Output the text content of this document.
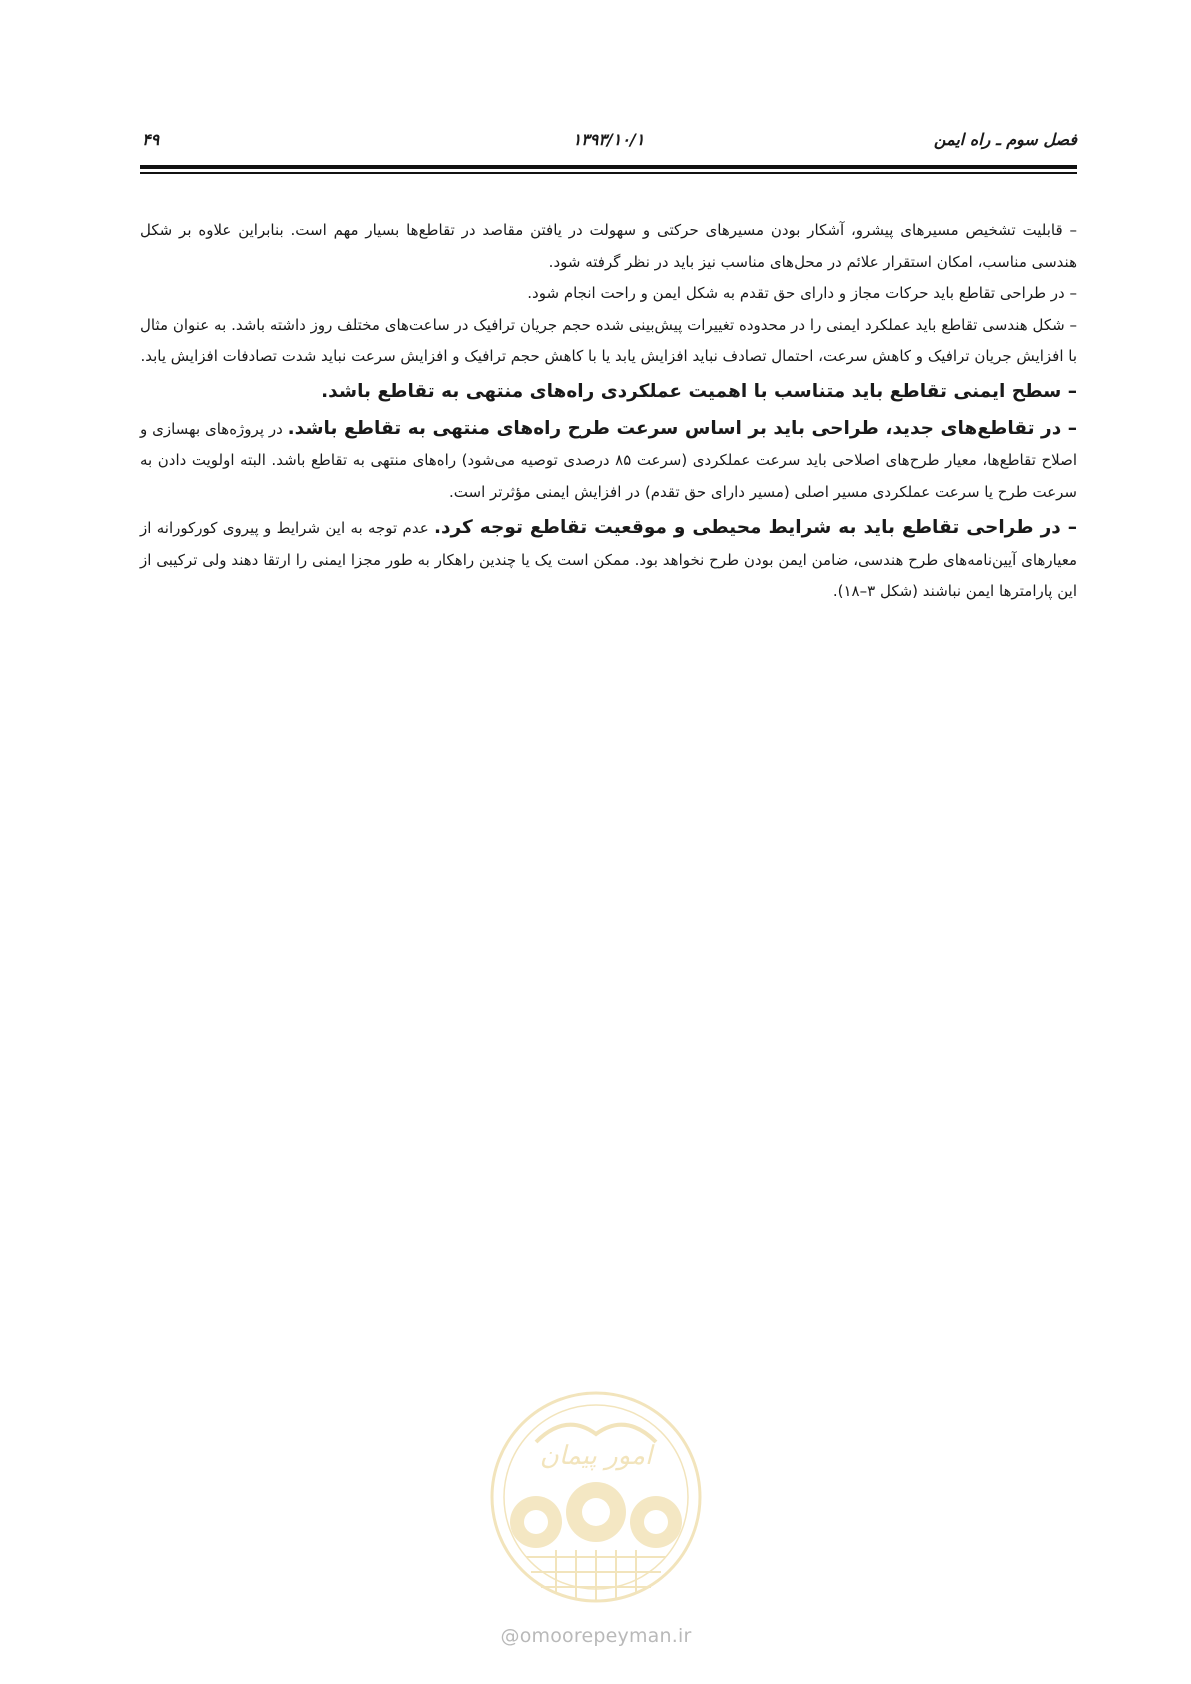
فصل سوم ـ راه ایمن
۱۳۹۳/۱۰/۱
۴۹

– قابلیت تشخیص مسیرهای پیشرو، آشکار بودن مسیرهای حرکتی و سهولت در یافتن مقاصد در تقاطع‌ها بسیار مهم است. بنابراین علاوه بر شکل هندسی مناسب، امکان استقرار علائم در محل‌های مناسب نیز باید در نظر گرفته شود.

– در طراحی تقاطع باید حرکات مجاز و دارای حق تقدم به شکل ایمن و راحت انجام شود.

– شکل هندسی تقاطع باید عملکرد ایمنی را در محدوده تغییرات پیش‌بینی شده حجم جریان ترافیک در ساعت‌های مختلف روز داشته باشد. به عنوان مثال با افزایش جریان ترافیک و کاهش سرعت، احتمال تصادف نباید افزایش یابد یا با کاهش حجم ترافیک و افزایش سرعت نباید شدت تصادفات افزایش یابد.

– سطح ایمنی تقاطع باید متناسب با اهمیت عملکردی راه‌های منتهی به تقاطع باشد.

– در تقاطع‌های جدید، طراحی باید بر اساس سرعت طرح راه‌های منتهی به تقاطع باشد. در پروژه‌های بهسازی و اصلاح تقاطع‌ها، معیار طرح‌های اصلاحی باید سرعت عملکردی (سرعت ۸۵ درصدی توصیه می‌شود) راه‌های منتهی به تقاطع باشد. البته اولویت دادن به سرعت طرح یا سرعت عملکردی مسیر اصلی (مسیر دارای حق تقدم) در افزایش ایمنی مؤثرتر است.

– در طراحی تقاطع باید به شرایط محیطی و موقعیت تقاطع توجه کرد. عدم توجه به این شرایط و پیروی کورکورانه از معیارهای آیین‌نامه‌های طرح هندسی، ضامن ایمن بودن طرح نخواهد بود. ممکن است یک یا چندین راهکار به طور مجزا ایمنی را ارتقا دهند ولی ترکیبی از این پارامترها ایمن نباشند (شکل ۳–۱۸).

امور پیمان
@omoorepeyman.ir
